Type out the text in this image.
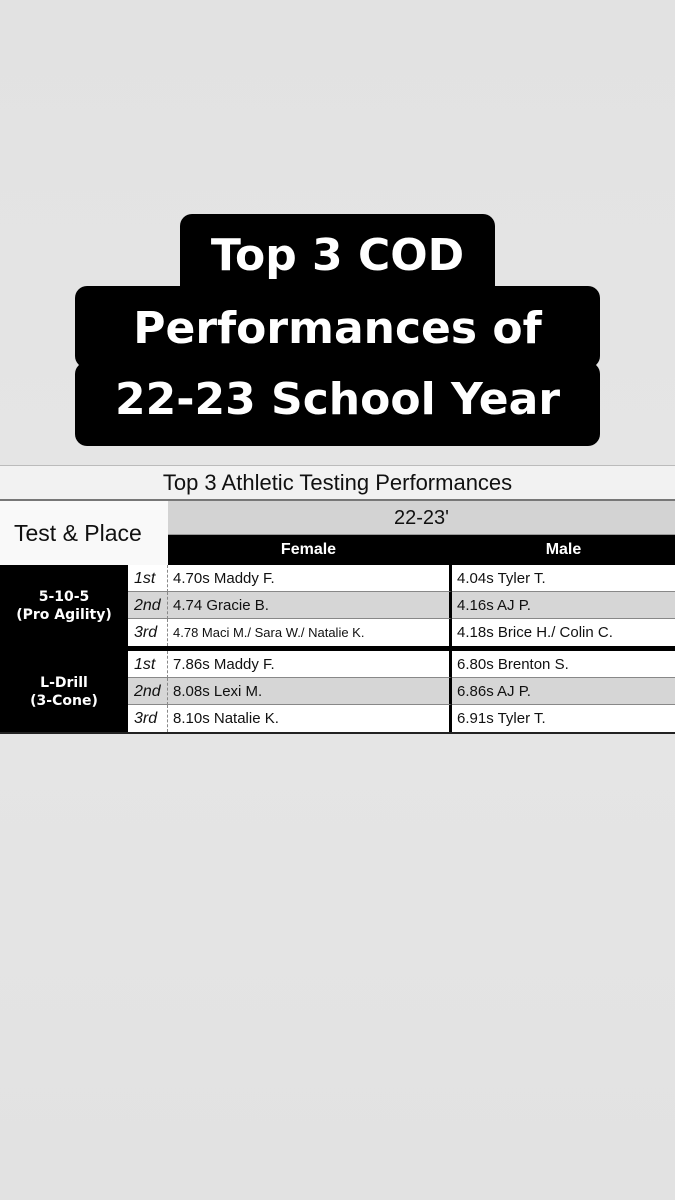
Top 3 COD
Performances of
22-23 School Year
Top 3 Athletic Testing Performances
Test & Place
22-23'
Female	Male
5-10-5
(Pro Agility)
1st	4.70s Maddy F.	4.04s Tyler T.
2nd 4.74 Gracie B.	4.16s AJ P.
3rd	4.78 Maci M./ Sara W./ Natalie K.	4.18s Brice H./ Colin C.
L-Drill
(3-Cone)
1st	7.86s Maddy F.	6.80s Brenton S.
2nd 8.08s Lexi M.	6.86s AJ P.
3rd	8.10s Natalie K.	6.91s Tyler T.
